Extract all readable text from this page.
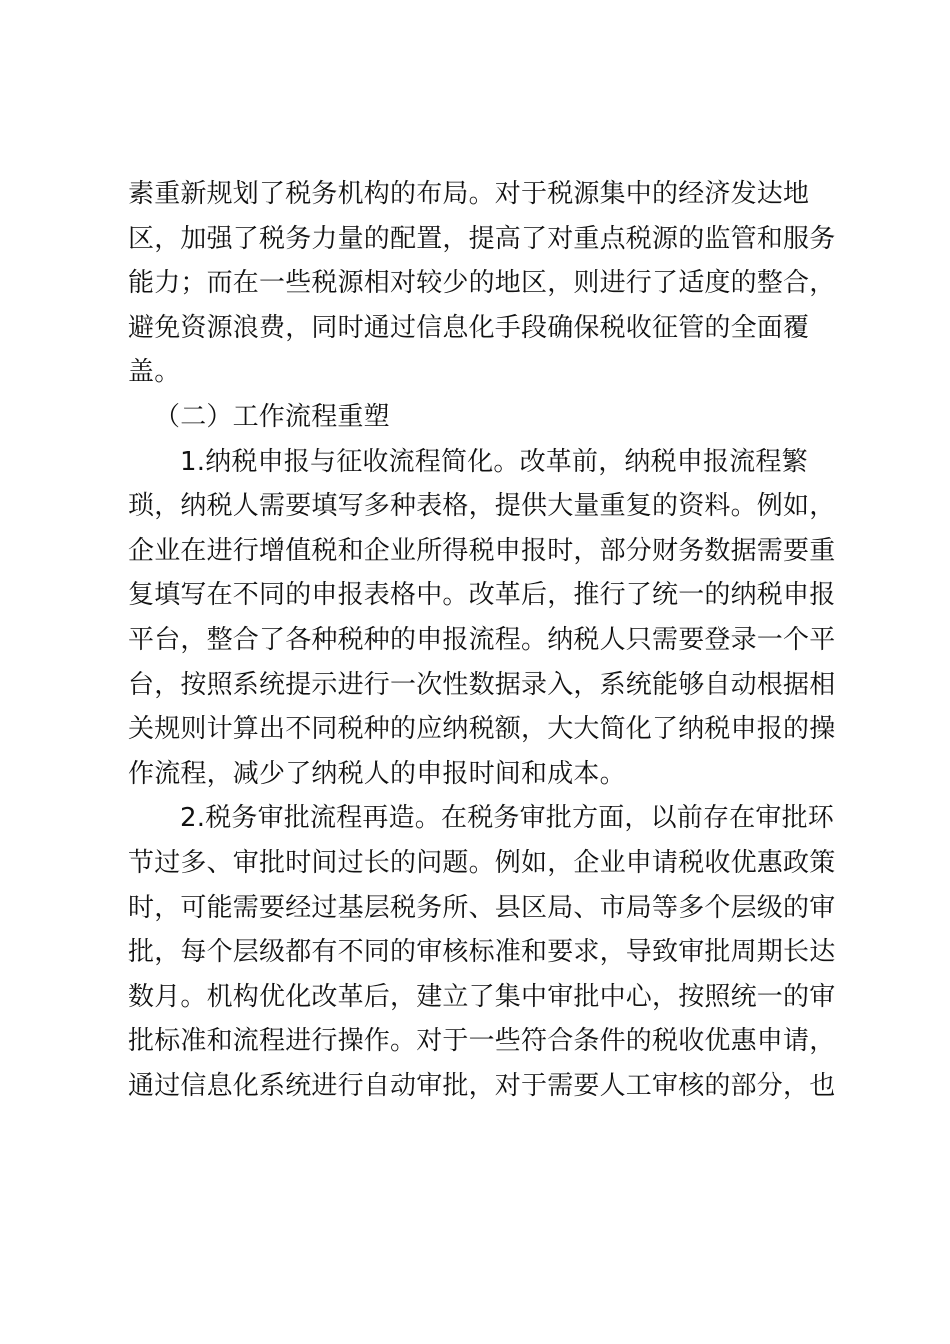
素重新规划了税务机构的布局。对于税源集中的经济发达地
区，加强了税务力量的配置，提高了对重点税源的监管和服务
能力；而在一些税源相对较少的地区，则进行了适度的整合，
避免资源浪费，同时通过信息化手段确保税收征管的全面覆
盖。
（二）工作流程重塑
1.纳税申报与征收流程简化。改革前，纳税申报流程繁
琐，纳税人需要填写多种表格，提供大量重复的资料。例如，
企业在进行增值税和企业所得税申报时，部分财务数据需要重
复填写在不同的申报表格中。改革后，推行了统一的纳税申报
平台，整合了各种税种的申报流程。纳税人只需要登录一个平
台，按照系统提示进行一次性数据录入，系统能够自动根据相
关规则计算出不同税种的应纳税额，大大简化了纳税申报的操
作流程，减少了纳税人的申报时间和成本。
2.税务审批流程再造。在税务审批方面，以前存在审批环
节过多、审批时间过长的问题。例如，企业申请税收优惠政策
时，可能需要经过基层税务所、县区局、市局等多个层级的审
批，每个层级都有不同的审核标准和要求，导致审批周期长达
数月。机构优化改革后，建立了集中审批中心，按照统一的审
批标准和流程进行操作。对于一些符合条件的税收优惠申请，
通过信息化系统进行自动审批，对于需要人工审核的部分，也
